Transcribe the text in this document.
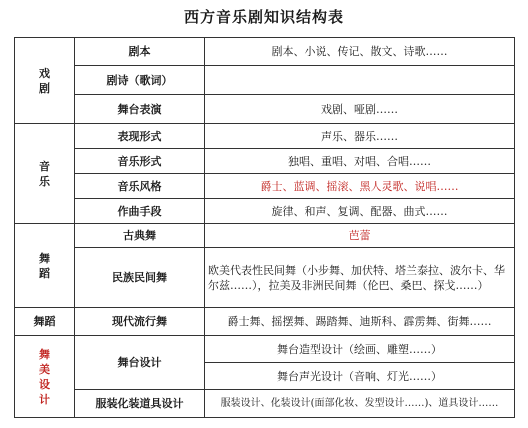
西方音乐剧知识结构表
戏剧	剧本	剧本、小说、传记、散文、诗歌……
	剧诗（歌词）	
	舞台表演	戏剧、哑剧……
音乐	表现形式	声乐、器乐……
	音乐形式	独唱、重唱、对唱、合唱……
	音乐风格	爵士、蓝调、摇滚、黑人灵歌、说唱……
	作曲手段	旋律、和声、复调、配器、曲式……
舞蹈	古典舞	芭蕾
	民族民间舞	欧美代表性民间舞（小步舞、加伏特、塔兰泰拉、波尔卡、华尔兹……），拉美及非洲民间舞（伦巴、桑巴、探戈……）
舞蹈	现代流行舞	爵士舞、摇摆舞、踢踏舞、迪斯科、霹雳舞、街舞……
舞美设计	舞台设计	舞台造型设计（绘画、雕塑……）
		舞台声光设计（音响、灯光……）
	服装化装道具设计	服装设计、化装设计(面部化妆、发型设计……)、道具设计……
